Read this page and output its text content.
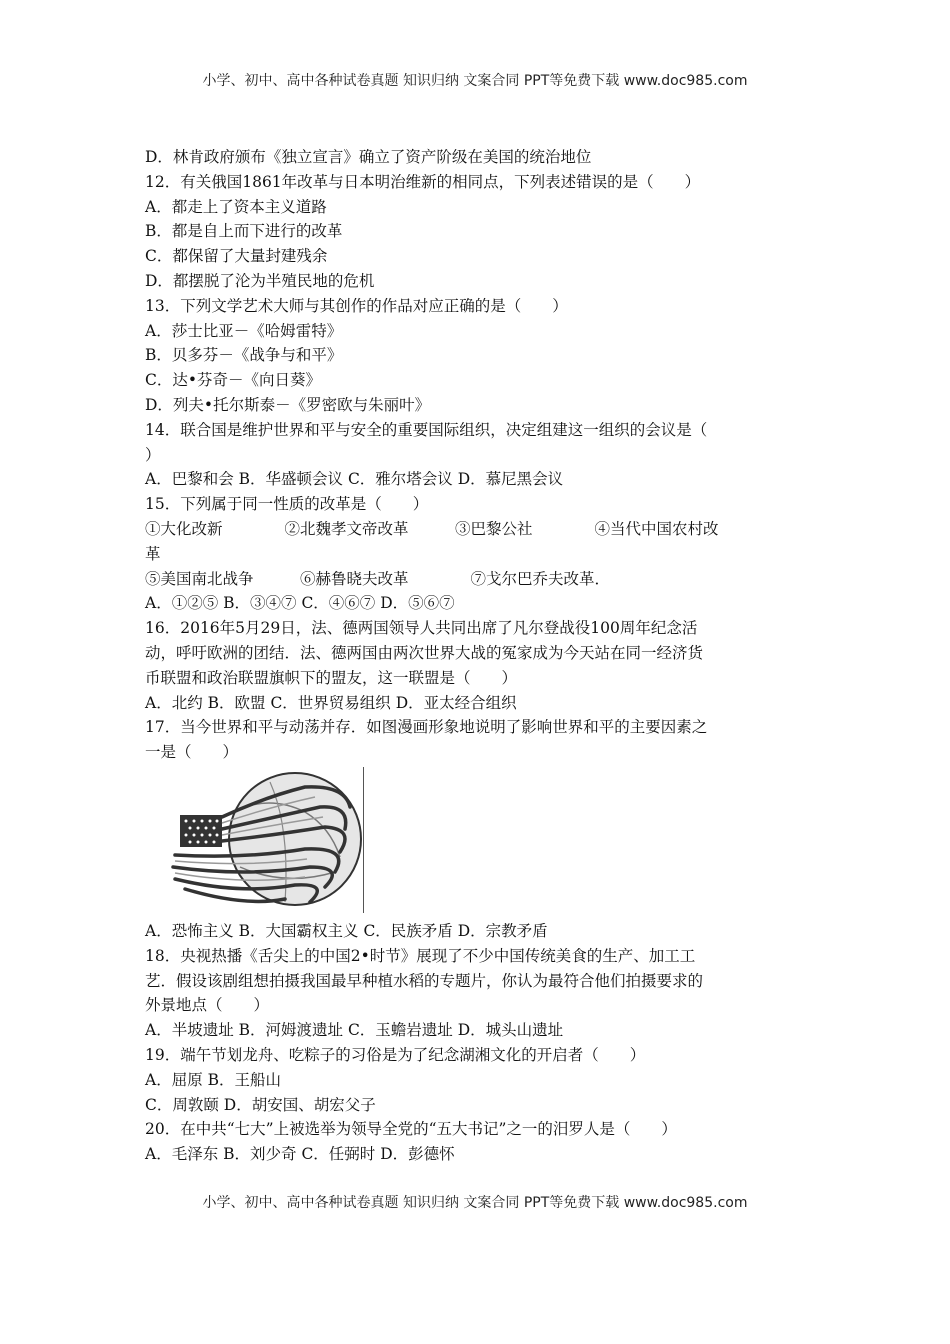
小学、初中、高中各种试卷真题 知识归纳 文案合同 PPT等免费下载 www.doc985.com
D．林肯政府颁布《独立宣言》确立了资产阶级在美国的统治地位
12．有关俄国1861年改革与日本明治维新的相同点，下列表述错误的是（　　）
A．都走上了资本主义道路
B．都是自上而下进行的改革
C．都保留了大量封建残余
D．都摆脱了沦为半殖民地的危机
13．下列文学艺术大师与其创作的作品对应正确的是（　　）
A．莎士比亚－《哈姆雷特》
B．贝多芬－《战争与和平》
C．达•芬奇－《向日葵》
D．列夫•托尔斯泰－《罗密欧与朱丽叶》
14．联合国是维护世界和平与安全的重要国际组织，决定组建这一组织的会议是（
）
A．巴黎和会 B．华盛顿会议 C．雅尔塔会议 D．慕尼黑会议
15．下列属于同一性质的改革是（　　）
①大化改新　　　　②北魏孝文帝改革　　　③巴黎公社　　　　④当代中国农村改
革
⑤美国南北战争　　　⑥赫鲁晓夫改革　　　　⑦戈尔巴乔夫改革．
A．①②⑤ B．③④⑦ C．④⑥⑦ D．⑤⑥⑦
16．2016年5月29日，法、德两国领导人共同出席了凡尔登战役100周年纪念活
动，呼吁欧洲的团结．法、德两国由两次世界大战的冤家成为今天站在同一经济货
币联盟和政治联盟旗帜下的盟友，这一联盟是（　　）
A．北约 B．欧盟 C．世界贸易组织 D．亚太经合组织
17．当今世界和平与动荡并存．如图漫画形象地说明了影响世界和平的主要因素之
一是（　　）
A．恐怖主义 B．大国霸权主义 C．民族矛盾 D．宗教矛盾
18．央视热播《舌尖上的中国2•时节》展现了不少中国传统美食的生产、加工工
艺．假设该剧组想拍摄我国最早种植水稻的专题片，你认为最符合他们拍摄要求的
外景地点（　　）
A．半坡遗址 B．河姆渡遗址 C．玉蟾岩遗址 D．城头山遗址
19．端午节划龙舟、吃粽子的习俗是为了纪念湖湘文化的开启者（　　）
A．屈原 B．王船山
C．周敦颐 D．胡安国、胡宏父子
20．在中共“七大”上被选举为领导全党的“五大书记”之一的汨罗人是（　　）
A．毛泽东 B．刘少奇 C．任弼时 D．彭德怀
小学、初中、高中各种试卷真题 知识归纳 文案合同 PPT等免费下载 www.doc985.com
